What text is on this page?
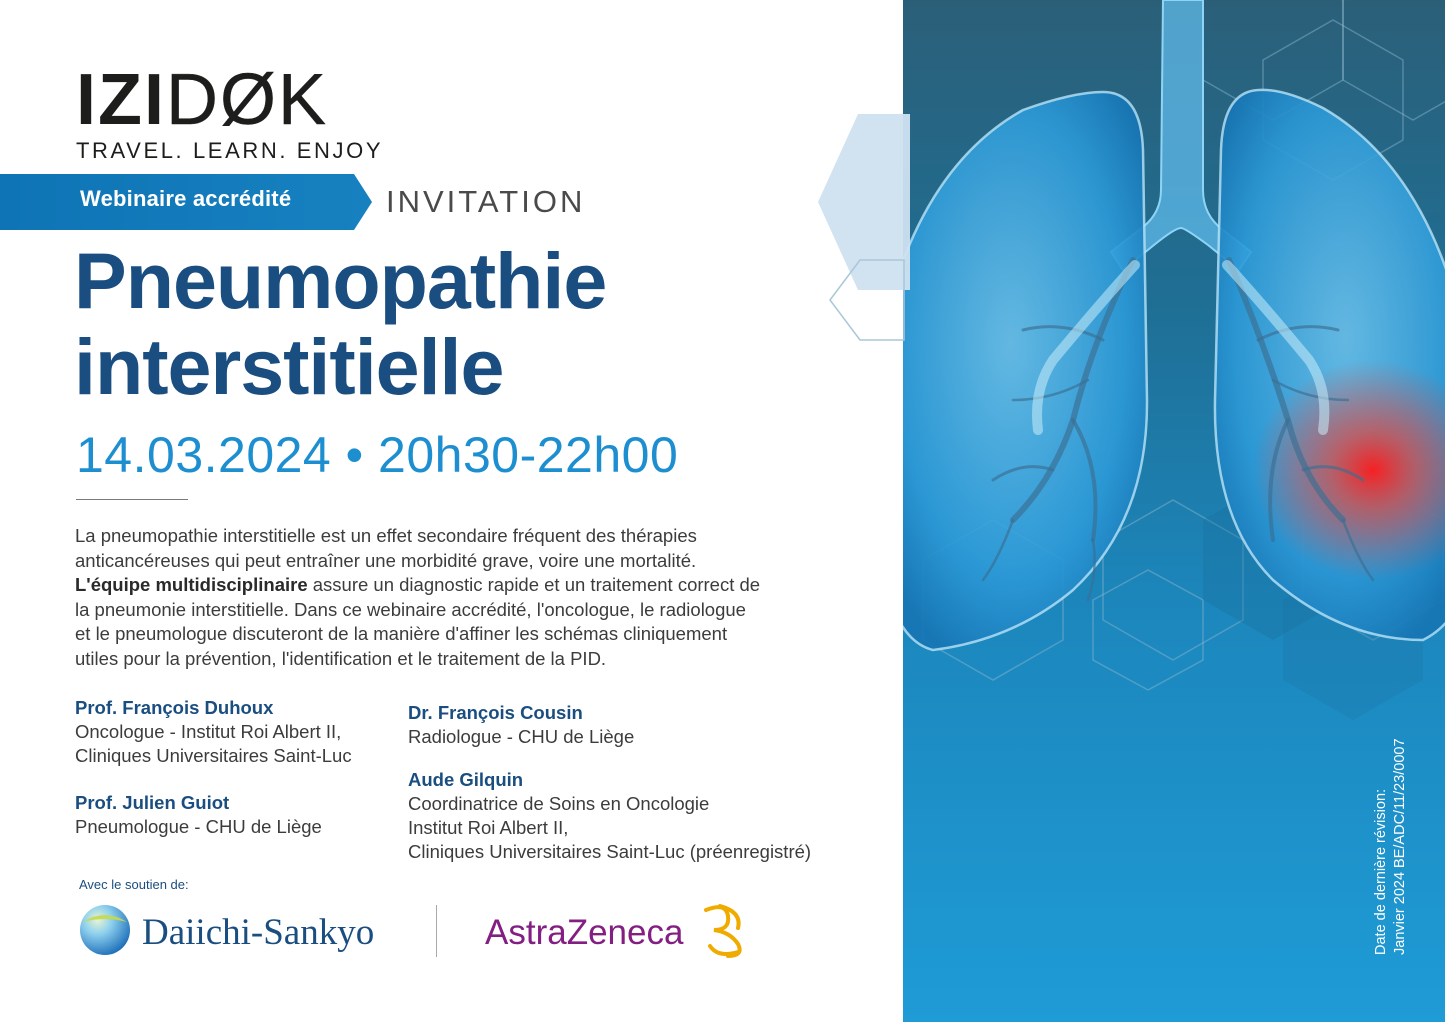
Date de dernière révision: Janvier 2024 BE/ADC/11/23/0007
IZI DØK
TRAVEL. LEARN. ENJOY
Webinaire accrédité	INVITATION
Pneumopathie
interstitielle
14.03.2024 • 20h30-22h00
La pneumopathie interstitielle est un effet secondaire fréquent des thérapies
anticancéreuses qui peut entraîner une morbidité grave, voire une mortalité.
L'équipe multidisciplinaire assure un diagnostic rapide et un traitement correct de
la pneumonie interstitielle. Dans ce webinaire accrédité, l'oncologue, le radiologue
et le pneumologue discuteront de la manière d'affiner les schémas cliniquement
utiles pour la prévention, l'identification et le traitement de la PID.
Prof. François Duhoux
Oncologue - Institut Roi Albert II,
Cliniques Universitaires Saint-Luc
Prof. Julien Guiot
Pneumologue - CHU de Liège
Dr. François Cousin
Radiologue - CHU de Liège
Aude Gilquin
Coordinatrice de Soins en Oncologie
Institut Roi Albert II,
Cliniques Universitaires Saint-Luc (préenregistré)
Avec le soutien de:
Daiichi-Sankyo	AstraZeneca
